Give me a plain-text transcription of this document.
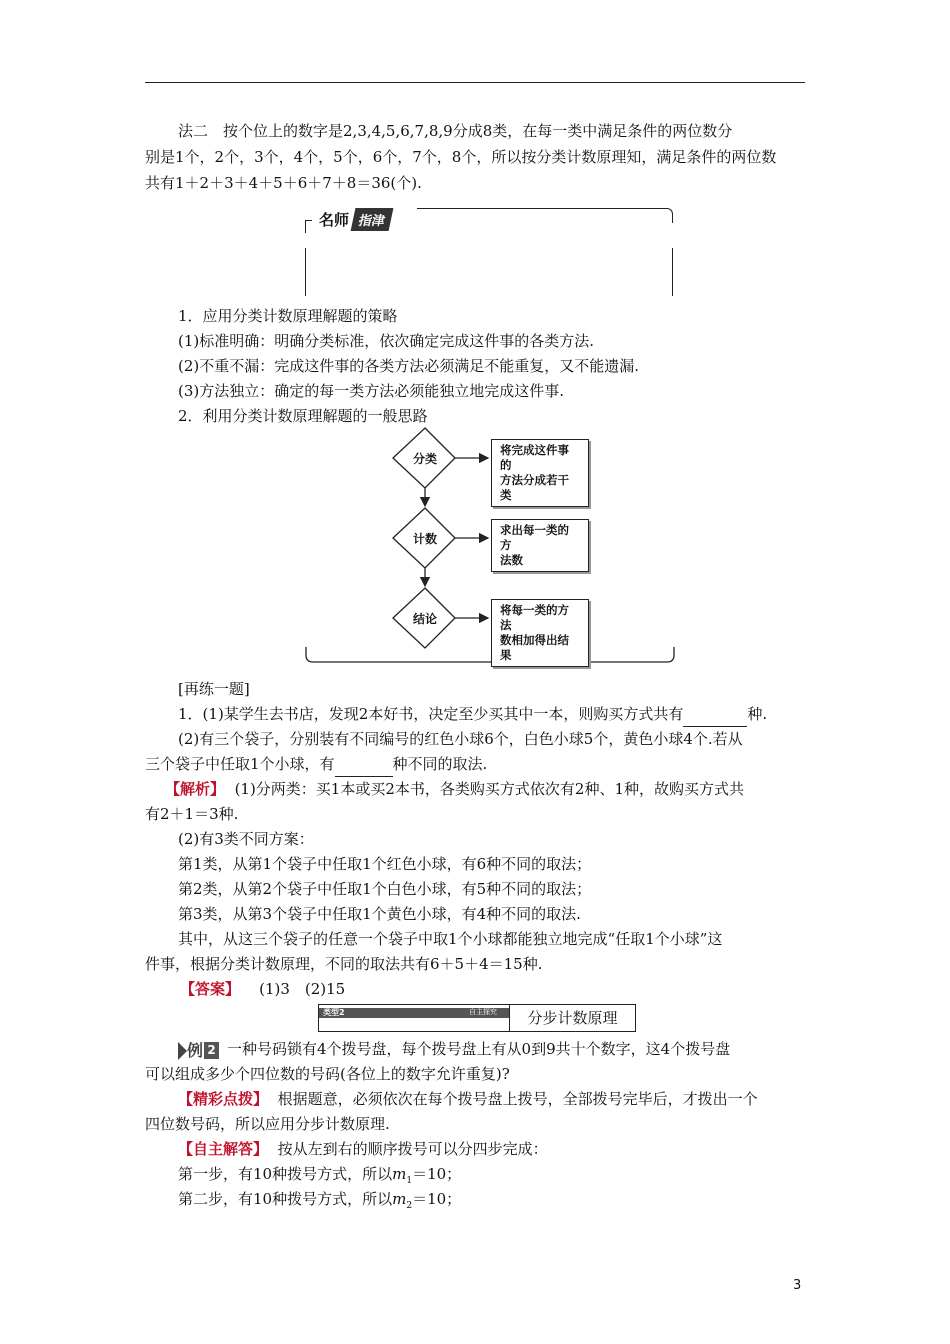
法二　按个位上的数字是2,3,4,5,6,7,8,9分成8类，在每一类中满足条件的两位数分
别是1个，2个，3个，4个，5个，6个，7个，8个，所以按分类计数原理知，满足条件的两位数
共有1＋2＋3＋4＋5＋6＋7＋8＝36(个).
名师 指津
1．应用分类计数原理解题的策略
(1)标准明确：明确分类标准，依次确定完成这件事的各类方法.
(2)不重不漏：完成这件事的各类方法必须满足不能重复，又不能遗漏.
(3)方法独立：确定的每一类方法必须能独立地完成这件事.
2．利用分类计数原理解题的一般思路
分类
计数
结论
将完成这件事的
方法分成若干类
求出每一类的方
法数
将每一类的方法
数相加得出结果
[再练一题]
1．(1)某学生去书店，发现2本好书，决定至少买其中一本，则购买方式共有	种.
(2)有三个袋子，分别装有不同编号的红色小球6个，白色小球5个，黄色小球4个.若从
三个袋子中任取1个小球，有	种不同的取法.
【解析】 (1)分两类：买1本或买2本书，各类购买方式依次有2种、1种，故购买方式共
有2＋1＝3种.
(2)有3类不同方案：
第1类，从第1个袋子中任取1个红色小球，有6种不同的取法；
第2类，从第2个袋子中任取1个白色小球，有5种不同的取法；
第3类，从第3个袋子中任取1个黄色小球，有4种不同的取法.
其中，从这三个袋子的任意一个袋子中取1个小球都能独立地完成“任取1个小球”这
件事，根据分类计数原理，不同的取法共有6＋5＋4＝15种.
【答案】 (1)3　(2)15
类型2	自主探究	分步计数原理
例 2 一种号码锁有4个拨号盘，每个拨号盘上有从0到9共十个数字，这4个拨号盘
可以组成多少个四位数的号码(各位上的数字允许重复)?
【精彩点拨】 根据题意，必须依次在每个拨号盘上拨号，全部拨号完毕后，才拨出一个
四位数号码，所以应用分步计数原理.
【自主解答】 按从左到右的顺序拨号可以分四步完成：
第一步，有10种拨号方式，所以$m_1=10$；
第二步，有10种拨号方式，所以$m_2=10$；
3
